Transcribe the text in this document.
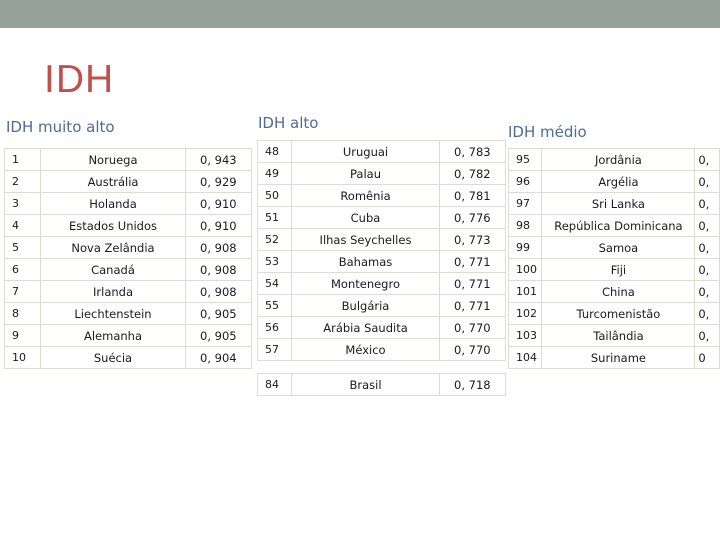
IDH
IDH muito alto	IDH alto	IDH médio
1	Noruega	0, 943
2	Austrália	0, 929
3	Holanda	0, 910
4	Estados Unidos	0, 910
5	Nova Zelândia	0, 908
6	Canadá	0, 908
7	Irlanda	0, 908
8	Liechtenstein	0, 905
9	Alemanha	0, 905
10	Suécia	0, 904
48	Uruguai	0, 783
49	Palau	0, 782
50	Romênia	0, 781
51	Cuba	0, 776
52	Ilhas Seychelles	0, 773
53	Bahamas	0, 771
54	Montenegro	0, 771
55	Bulgária	0, 771
56	Arábia Saudita	0, 770
57	México	0, 770
84	Brasil	0, 718
95	Jordânia	0,
96	Argélia	0,
97	Sri Lanka	0,
98	República Dominicana	0,
99	Samoa	0,
100	Fiji	0,
101	China	0,
102	Turcomenistão	0,
103	Tailândia	0,
104	Suriname	0
